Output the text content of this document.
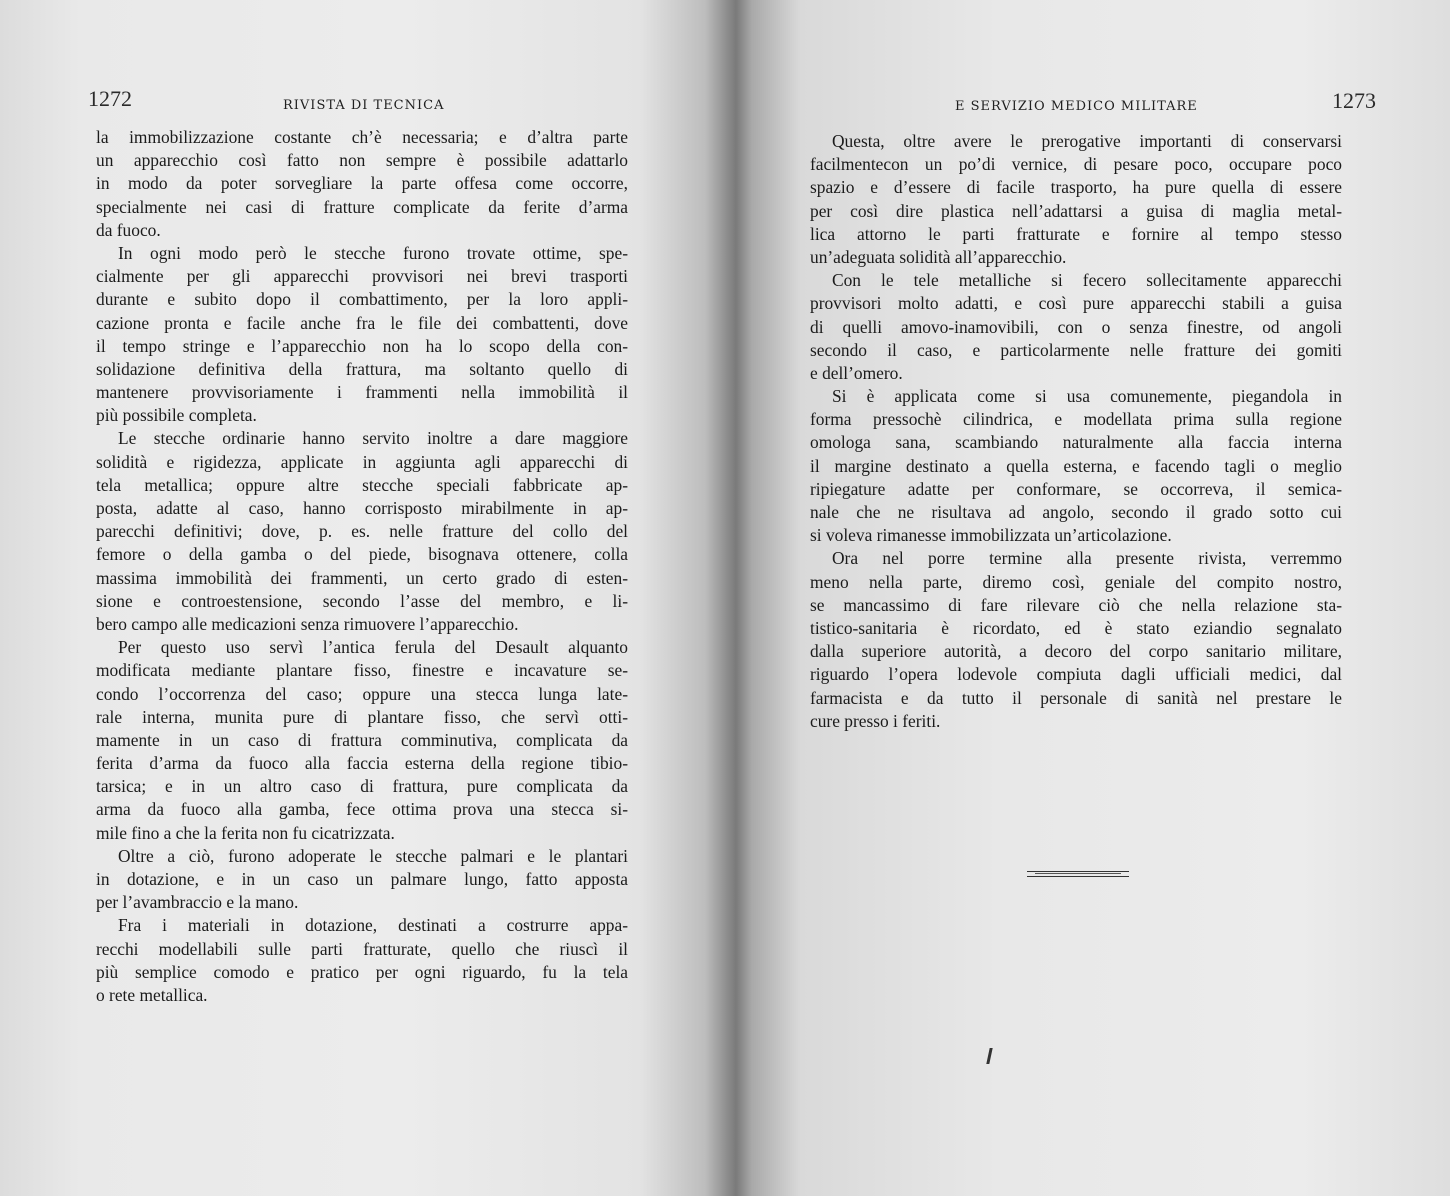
1272	RIVISTA DI TECNICA
la immobilizzazione costante ch’è necessaria; e d’altra parte
un apparecchio così fatto non sempre è possibile adattarlo
in modo da poter sorvegliare la parte offesa come occorre,
specialmente nei casi di fratture complicate da ferite d’arma
da fuoco.
In ogni modo però le stecche furono trovate ottime, spe-
cialmente per gli apparecchi provvisori nei brevi trasporti
durante e subito dopo il combattimento, per la loro appli-
cazione pronta e facile anche fra le file dei combattenti, dove
il tempo stringe e l’apparecchio non ha lo scopo della con-
solidazione definitiva della frattura, ma soltanto quello di
mantenere provvisoriamente i frammenti nella immobilità il
più possibile completa.
Le stecche ordinarie hanno servito inoltre a dare maggiore
solidità e rigidezza, applicate in aggiunta agli apparecchi di
tela metallica; oppure altre stecche speciali fabbricate ap-
posta, adatte al caso, hanno corrisposto mirabilmente in ap-
parecchi definitivi; dove, p. es. nelle fratture del collo del
femore o della gamba o del piede, bisognava ottenere, colla
massima immobilità dei frammenti, un certo grado di esten-
sione e controestensione, secondo l’asse del membro, e li-
bero campo alle medicazioni senza rimuovere l’apparecchio.
Per questo uso servì l’antica ferula del Desault alquanto
modificata mediante plantare fisso, finestre e incavature se-
condo l’occorrenza del caso; oppure una stecca lunga late-
rale interna, munita pure di plantare fisso, che servì otti-
mamente in un caso di frattura comminutiva, complicata da
ferita d’arma da fuoco alla faccia esterna della regione tibio-
tarsica; e in un altro caso di frattura, pure complicata da
arma da fuoco alla gamba, fece ottima prova una stecca si-
mile fino a che la ferita non fu cicatrizzata.
Oltre a ciò, furono adoperate le stecche palmari e le plantari
in dotazione, e in un caso un palmare lungo, fatto apposta
per l’avambraccio e la mano.
Fra i materiali in dotazione, destinati a costrurre appa-
recchi modellabili sulle parti fratturate, quello che riuscì il
più semplice comodo e pratico per ogni riguardo, fu la tela
o rete metallica.
E SERVIZIO MEDICO MILITARE	1273
Questa, oltre avere le prerogative importanti di conservarsi
facilmentecon un po’di vernice, di pesare poco, occupare poco
spazio e d’essere di facile trasporto, ha pure quella di essere
per così dire plastica nell’adattarsi a guisa di maglia metal-
lica attorno le parti fratturate e fornire al tempo stesso
un’adeguata solidità all’apparecchio.
Con le tele metalliche si fecero sollecitamente apparecchi
provvisori molto adatti, e così pure apparecchi stabili a guisa
di quelli amovo-inamovibili, con o senza finestre, od angoli
secondo il caso, e particolarmente nelle fratture dei gomiti
e dell’omero.
Si è applicata come si usa comunemente, piegandola in
forma pressochè cilindrica, e modellata prima sulla regione
omologa sana, scambiando naturalmente alla faccia interna
il margine destinato a quella esterna, e facendo tagli o meglio
ripiegature adatte per conformare, se occorreva, il semica-
nale che ne risultava ad angolo, secondo il grado sotto cui
si voleva rimanesse immobilizzata un’articolazione.
Ora nel porre termine alla presente rivista, verremmo
meno nella parte, diremo così, geniale del compito nostro,
se mancassimo di fare rilevare ciò che nella relazione sta-
tistico-sanitaria è ricordato, ed è stato eziandio segnalato
dalla superiore autorità, a decoro del corpo sanitario militare,
riguardo l’opera lodevole compiuta dagli ufficiali medici, dal
farmacista e da tutto il personale di sanità nel prestare le
cure presso i feriti.
